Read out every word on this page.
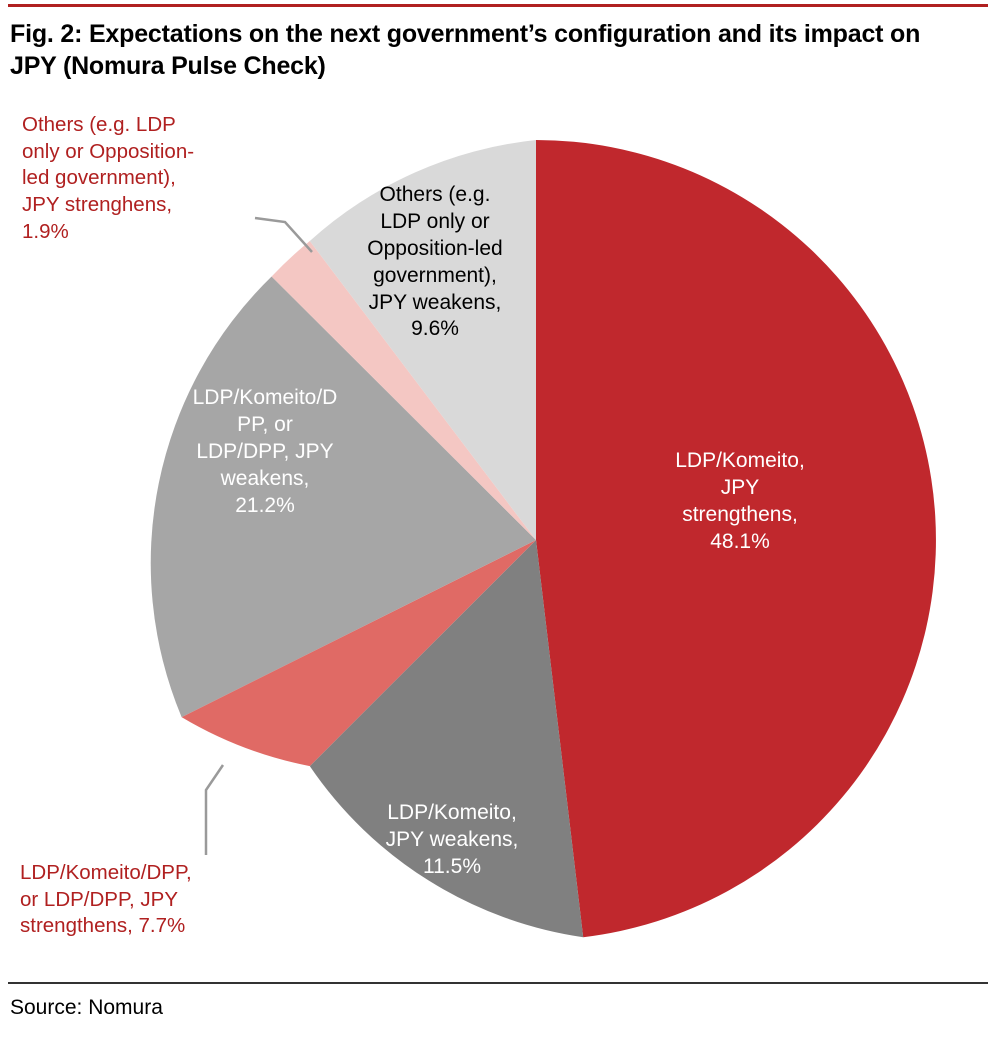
Fig. 2: Expectations on the next government’s configuration and its impact on JPY (Nomura Pulse Check)
LDP/Komeito,
JPY
strengthens,
48.1%
LDP/Komeito,
JPY weakens,
11.5%
LDP/Komeito/DPP,
or LDP/DPP, JPY
strengthens, 7.7%
LDP/Komeito/D
PP, or
LDP/DPP, JPY
weakens,
21.2%
Others (e.g. LDP
only or Opposition-
led government),
JPY strenghens,
1.9%
Others (e.g.
LDP only or
Opposition-led
government),
JPY weakens,
9.6%
Source: Nomura
